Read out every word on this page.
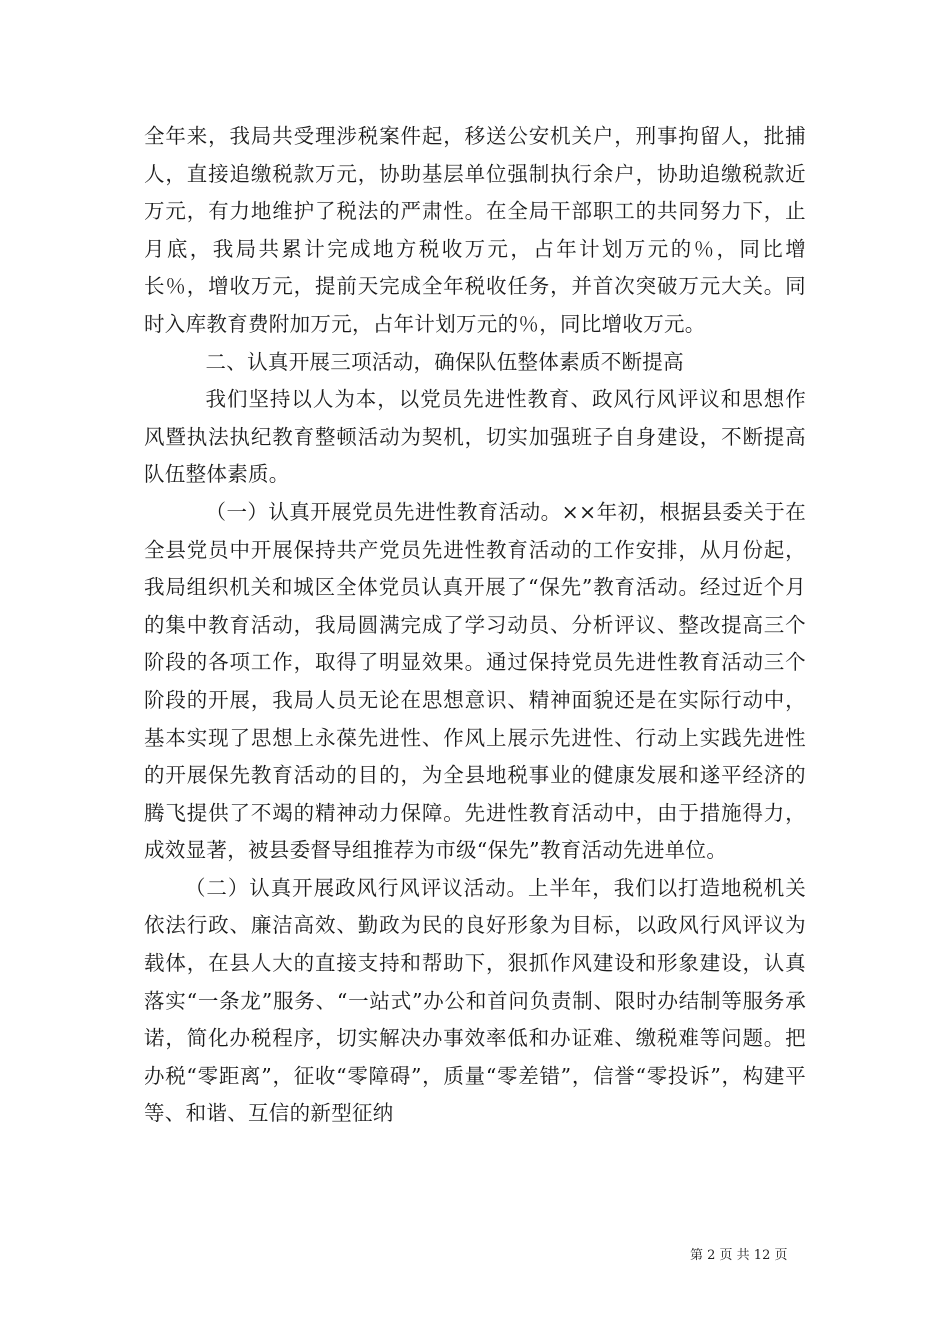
全年来，我局共受理涉税案件起，移送公安机关户，刑事拘留人，批捕人，直接追缴税款万元，协助基层单位强制执行余户，协助追缴税款近万元，有力地维护了税法的严肃性。在全局干部职工的共同努力下，止月底，我局共累计完成地方税收万元，占年计划万元的％，同比增长％，增收万元，提前天完成全年税收任务，并首次突破万元大关。同时入库教育费附加万元，占年计划万元的％，同比增收万元。

二、认真开展三项活动，确保队伍整体素质不断提高

我们坚持以人为本，以党员先进性教育、政风行风评议和思想作风暨执法执纪教育整顿活动为契机，切实加强班子自身建设，不断提高队伍整体素质。

（一）认真开展党员先进性教育活动。××年初，根据县委关于在全县党员中开展保持共产党员先进性教育活动的工作安排，从月份起，我局组织机关和城区全体党员认真开展了“保先”教育活动。经过近个月的集中教育活动，我局圆满完成了学习动员、分析评议、整改提高三个阶段的各项工作，取得了明显效果。通过保持党员先进性教育活动三个阶段的开展，我局人员无论在思想意识、精神面貌还是在实际行动中，基本实现了思想上永葆先进性、作风上展示先进性、行动上实践先进性的开展保先教育活动的目的，为全县地税事业的健康发展和遂平经济的腾飞提供了不竭的精神动力保障。先进性教育活动中，由于措施得力，成效显著，被县委督导组推荐为市级“保先”教育活动先进单位。

（二）认真开展政风行风评议活动。上半年，我们以打造地税机关依法行政、廉洁高效、勤政为民的良好形象为目标，以政风行风评议为载体，在县人大的直接支持和帮助下，狠抓作风建设和形象建设，认真落实“一条龙”服务、“一站式”办公和首问负责制、限时办结制等服务承诺，简化办税程序，切实解决办事效率低和办证难、缴税难等问题。把办税“零距离”，征收“零障碍”，质量“零差错”，信誉“零投诉”，构建平等、和谐、互信的新型征纳

第 2 页 共 12 页
